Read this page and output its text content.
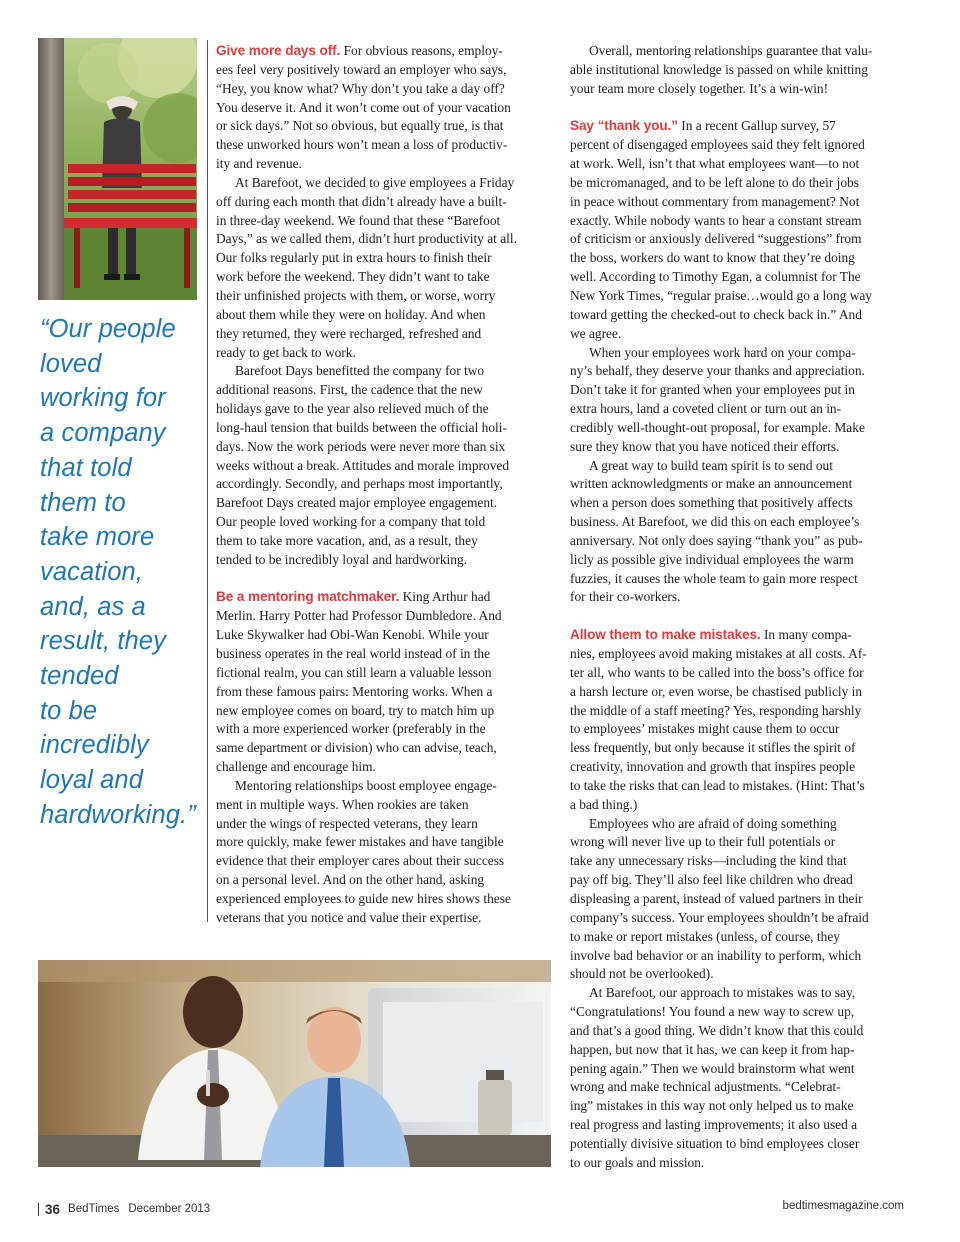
“Our people
loved
working for
a company
that told
them to
take more
vacation,
and, as a
result, they
tended
to be
incredibly
loyal and
hardworking.”
Give more days off. For obvious reasons, employ-
ees feel very positively toward an employer who says,
“Hey, you know what? Why don’t you take a day off?
You deserve it. And it won’t come out of your vacation
or sick days.” Not so obvious, but equally true, is that
these unworked hours won’t mean a loss of productiv-
ity and revenue.
At Barefoot, we decided to give employees a Friday
off during each month that didn’t already have a built-
in three-day weekend. We found that these “Barefoot
Days,” as we called them, didn’t hurt productivity at all.
Our folks regularly put in extra hours to finish their
work before the weekend. They didn’t want to take
their unfinished projects with them, or worse, worry
about them while they were on holiday. And when
they returned, they were recharged, refreshed and
ready to get back to work.
Barefoot Days benefitted the company for two
additional reasons. First, the cadence that the new
holidays gave to the year also relieved much of the
long-haul tension that builds between the official holi-
days. Now the work periods were never more than six
weeks without a break. Attitudes and morale improved
accordingly. Secondly, and perhaps most importantly,
Barefoot Days created major employee engagement.
Our people loved working for a company that told
them to take more vacation, and, as a result, they
tended to be incredibly loyal and hardworking.
Be a mentoring matchmaker. King Arthur had
Merlin. Harry Potter had Professor Dumbledore. And
Luke Skywalker had Obi-Wan Kenobi. While your
business operates in the real world instead of in the
fictional realm, you can still learn a valuable lesson
from these famous pairs: Mentoring works. When a
new employee comes on board, try to match him up
with a more experienced worker (preferably in the
same department or division) who can advise, teach,
challenge and encourage him.
Mentoring relationships boost employee engage-
ment in multiple ways. When rookies are taken
under the wings of respected veterans, they learn
more quickly, make fewer mistakes and have tangible
evidence that their employer cares about their success
on a personal level. And on the other hand, asking
experienced employees to guide new hires shows these
veterans that you notice and value their expertise.
Overall, mentoring relationships guarantee that valu-
able institutional knowledge is passed on while knitting
your team more closely together. It’s a win-win!
Say “thank you.” In a recent Gallup survey, 57
percent of disengaged employees said they felt ignored
at work. Well, isn’t that what employees want—to not
be micromanaged, and to be left alone to do their jobs
in peace without commentary from management? Not
exactly. While nobody wants to hear a constant stream
of criticism or anxiously delivered “suggestions” from
the boss, workers do want to know that they’re doing
well. According to Timothy Egan, a columnist for The
New York Times, “regular praise…would go a long way
toward getting the checked-out to check back in.” And
we agree.
When your employees work hard on your compa-
ny’s behalf, they deserve your thanks and appreciation.
Don’t take it for granted when your employees put in
extra hours, land a coveted client or turn out an in-
credibly well-thought-out proposal, for example. Make
sure they know that you have noticed their efforts.
A great way to build team spirit is to send out
written acknowledgments or make an announcement
when a person does something that positively affects
business. At Barefoot, we did this on each employee’s
anniversary. Not only does saying “thank you” as pub-
licly as possible give individual employees the warm
fuzzies, it causes the whole team to gain more respect
for their co-workers.
Allow them to make mistakes. In many compa-
nies, employees avoid making mistakes at all costs. Af-
ter all, who wants to be called into the boss’s office for
a harsh lecture or, even worse, be chastised publicly in
the middle of a staff meeting? Yes, responding harshly
to employees’ mistakes might cause them to occur
less frequently, but only because it stifles the spirit of
creativity, innovation and growth that inspires people
to take the risks that can lead to mistakes. (Hint: That’s
a bad thing.)
Employees who are afraid of doing something
wrong will never live up to their full potentials or
take any unnecessary risks—including the kind that
pay off big. They’ll also feel like children who dread
displeasing a parent, instead of valued partners in their
company’s success. Your employees shouldn’t be afraid
to make or report mistakes (unless, of course, they
involve bad behavior or an inability to perform, which
should not be overlooked).
At Barefoot, our approach to mistakes was to say,
“Congratulations! You found a new way to screw up,
and that’s a good thing. We didn’t know that this could
happen, but now that it has, we can keep it from hap-
pening again.” Then we would brainstorm what went
wrong and make technical adjustments. “Celebrat-
ing” mistakes in this way not only helped us to make
real progress and lasting improvements; it also used a
potentially divisive situation to bind employees closer
to our goals and mission.
36 BedTimes December 2013	bedtimesmagazine.com
